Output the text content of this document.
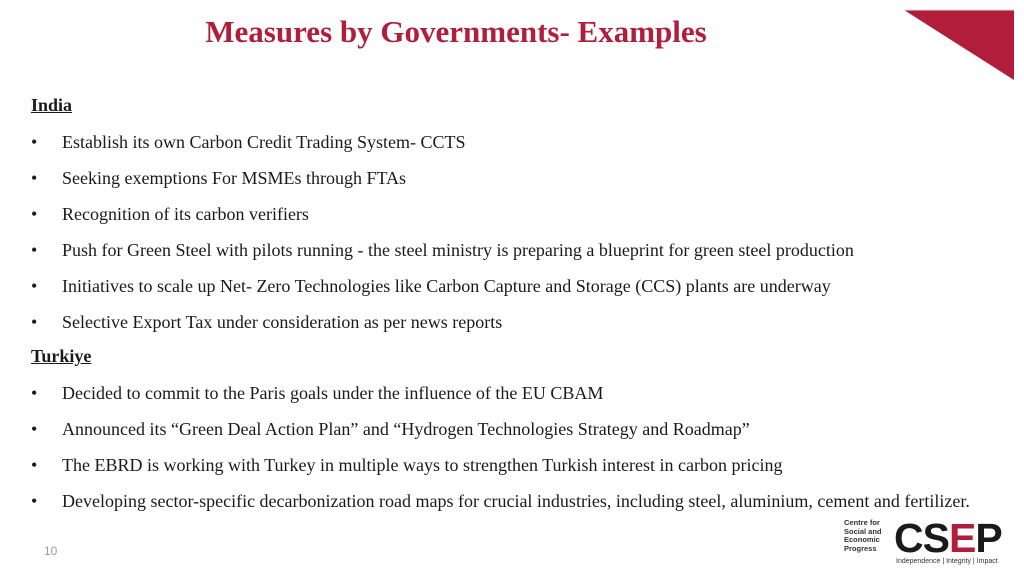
Measures by Governments- Examples
India
• Establish its own Carbon Credit Trading System- CCTS
• Seeking exemptions For MSMEs through FTAs
• Recognition of its carbon verifiers
• Push for Green Steel with pilots running - the steel ministry is preparing a blueprint for green steel production
• Initiatives to scale up Net- Zero Technologies like Carbon Capture and Storage (CCS) plants are underway
• Selective Export Tax under consideration as per news reports
Turkiye
• Decided to commit to the Paris goals under the influence of the EU CBAM
• Announced its “Green Deal Action Plan” and “Hydrogen Technologies Strategy and Roadmap”
• The EBRD is working with Turkey in multiple ways to strengthen Turkish interest in carbon pricing
• Developing sector-specific decarbonization road maps for crucial industries, including steel, aluminium, cement and fertilizer.
10
Centre for
Social and
Economic
Progress CSEP
Independence | Integrity | Impact
